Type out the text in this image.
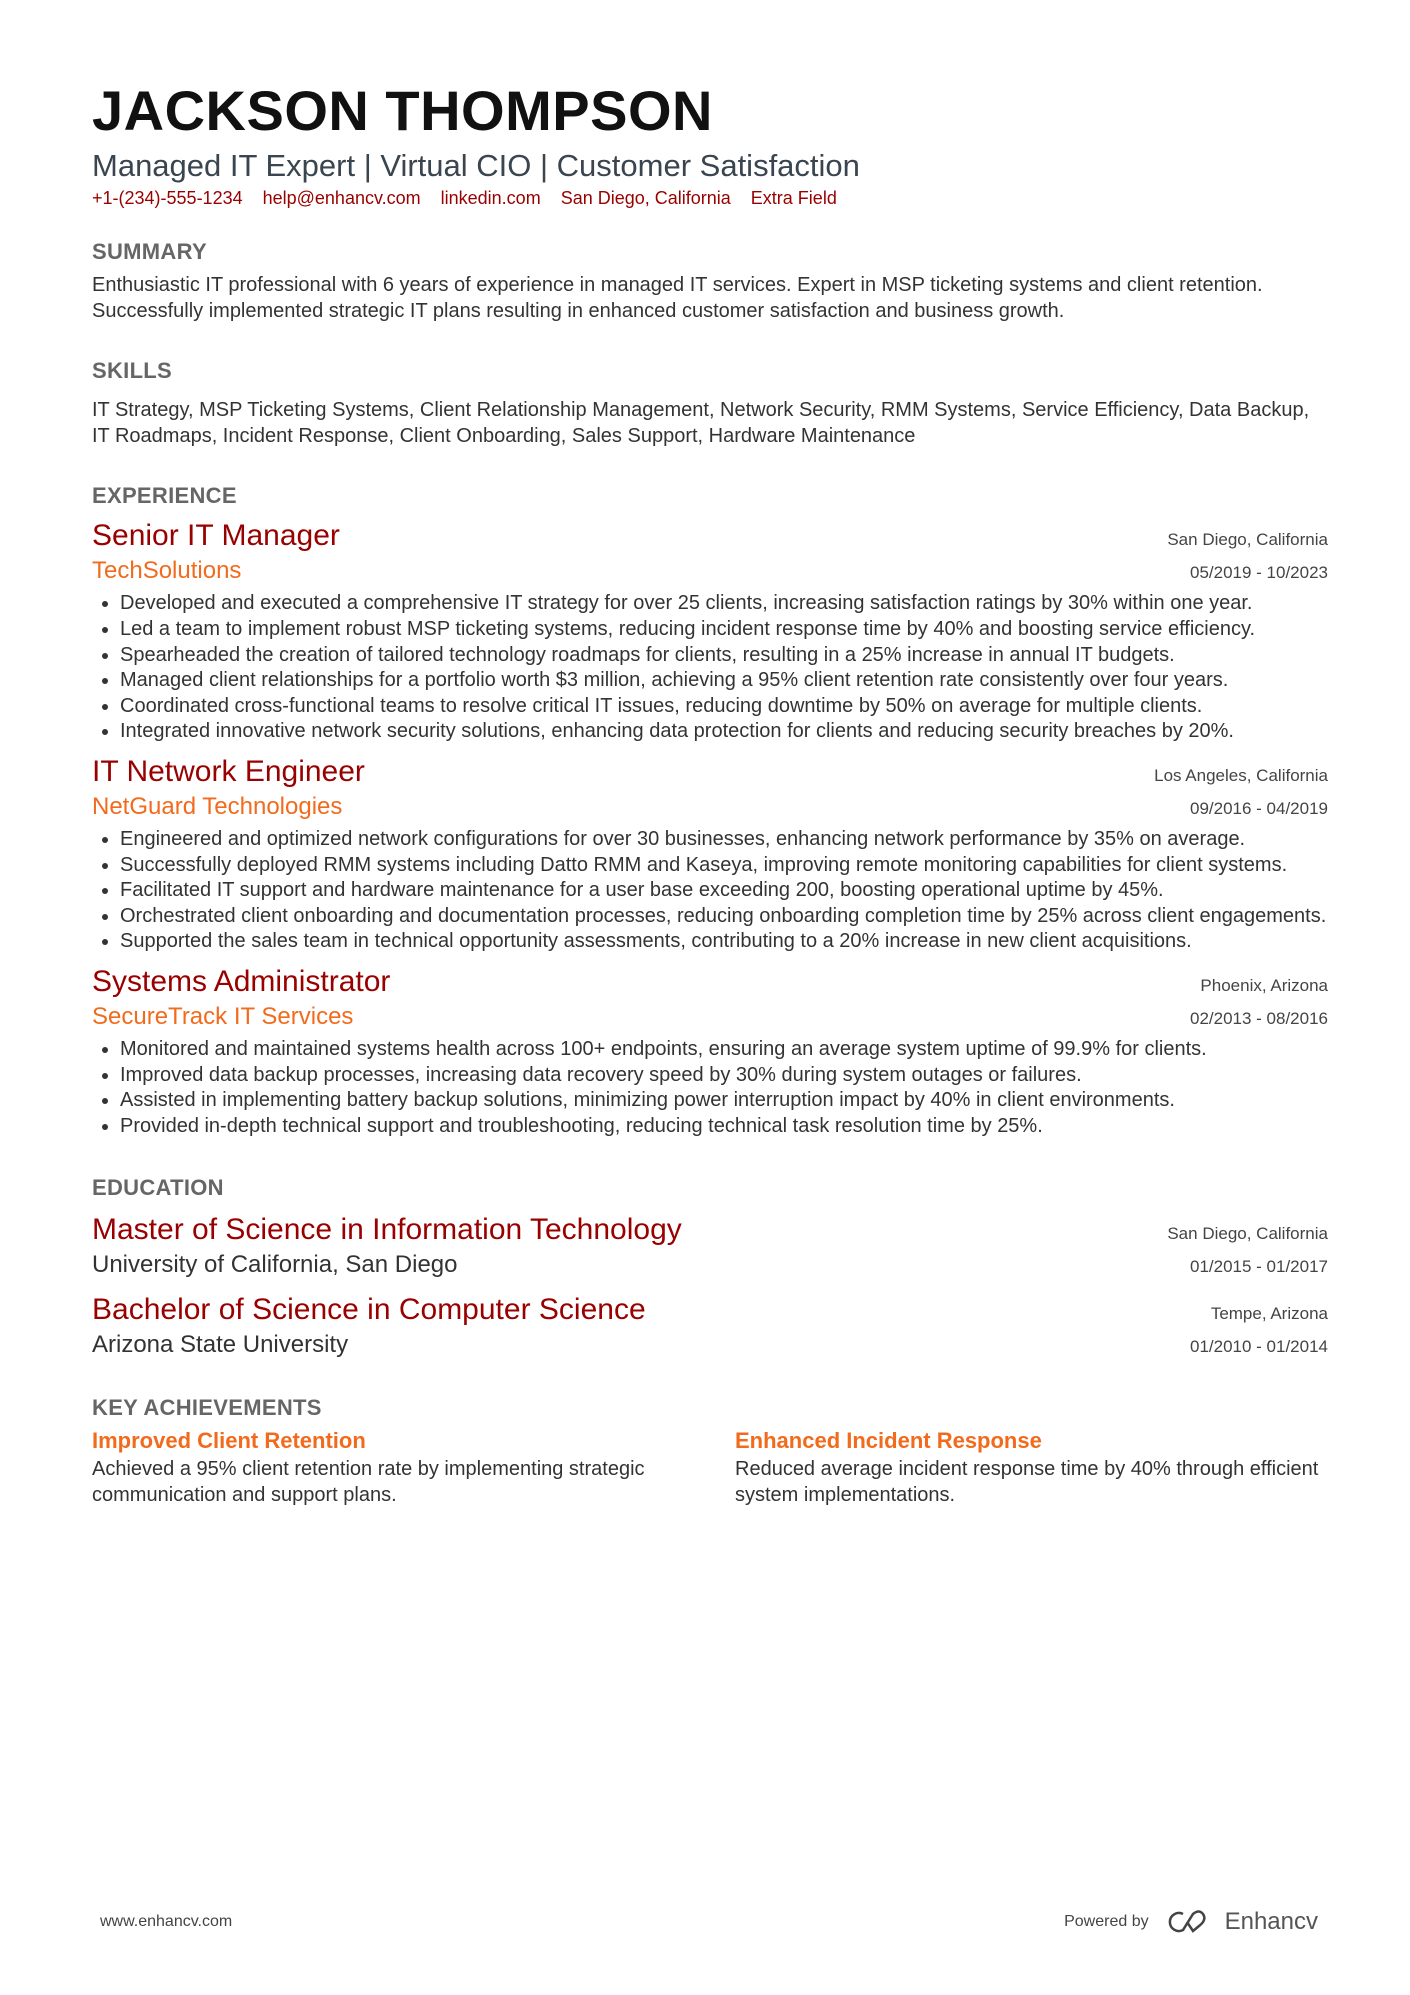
JACKSON THOMPSON
Managed IT Expert | Virtual CIO | Customer Satisfaction
+1-(234)-555-1234 help@enhancv.com linkedin.com San Diego, California Extra Field
SUMMARY
Enthusiastic IT professional with 6 years of experience in managed IT services. Expert in MSP ticketing systems and client retention. Successfully implemented strategic IT plans resulting in enhanced customer satisfaction and business growth.
SKILLS
IT Strategy, MSP Ticketing Systems, Client Relationship Management, Network Security, RMM Systems, Service Efficiency, Data Backup, IT Roadmaps, Incident Response, Client Onboarding, Sales Support, Hardware Maintenance
EXPERIENCE
Senior IT Manager	San Diego, California
TechSolutions	05/2019 - 10/2023
• Developed and executed a comprehensive IT strategy for over 25 clients, increasing satisfaction ratings by 30% within one year.
• Led a team to implement robust MSP ticketing systems, reducing incident response time by 40% and boosting service efficiency.
• Spearheaded the creation of tailored technology roadmaps for clients, resulting in a 25% increase in annual IT budgets.
• Managed client relationships for a portfolio worth $3 million, achieving a 95% client retention rate consistently over four years.
• Coordinated cross-functional teams to resolve critical IT issues, reducing downtime by 50% on average for multiple clients.
• Integrated innovative network security solutions, enhancing data protection for clients and reducing security breaches by 20%.
IT Network Engineer	Los Angeles, California
NetGuard Technologies	09/2016 - 04/2019
• Engineered and optimized network configurations for over 30 businesses, enhancing network performance by 35% on average.
• Successfully deployed RMM systems including Datto RMM and Kaseya, improving remote monitoring capabilities for client systems.
• Facilitated IT support and hardware maintenance for a user base exceeding 200, boosting operational uptime by 45%.
• Orchestrated client onboarding and documentation processes, reducing onboarding completion time by 25% across client engagements.
• Supported the sales team in technical opportunity assessments, contributing to a 20% increase in new client acquisitions.
Systems Administrator	Phoenix, Arizona
SecureTrack IT Services	02/2013 - 08/2016
• Monitored and maintained systems health across 100+ endpoints, ensuring an average system uptime of 99.9% for clients.
• Improved data backup processes, increasing data recovery speed by 30% during system outages or failures.
• Assisted in implementing battery backup solutions, minimizing power interruption impact by 40% in client environments.
• Provided in-depth technical support and troubleshooting, reducing technical task resolution time by 25%.
EDUCATION
Master of Science in Information Technology	San Diego, California
University of California, San Diego	01/2015 - 01/2017
Bachelor of Science in Computer Science	Tempe, Arizona
Arizona State University	01/2010 - 01/2014
KEY ACHIEVEMENTS
Improved Client Retention
Achieved a 95% client retention rate by implementing strategic communication and support plans.
Enhanced Incident Response
Reduced average incident response time by 40% through efficient system implementations.
www.enhancv.com	Powered by	Enhancv
